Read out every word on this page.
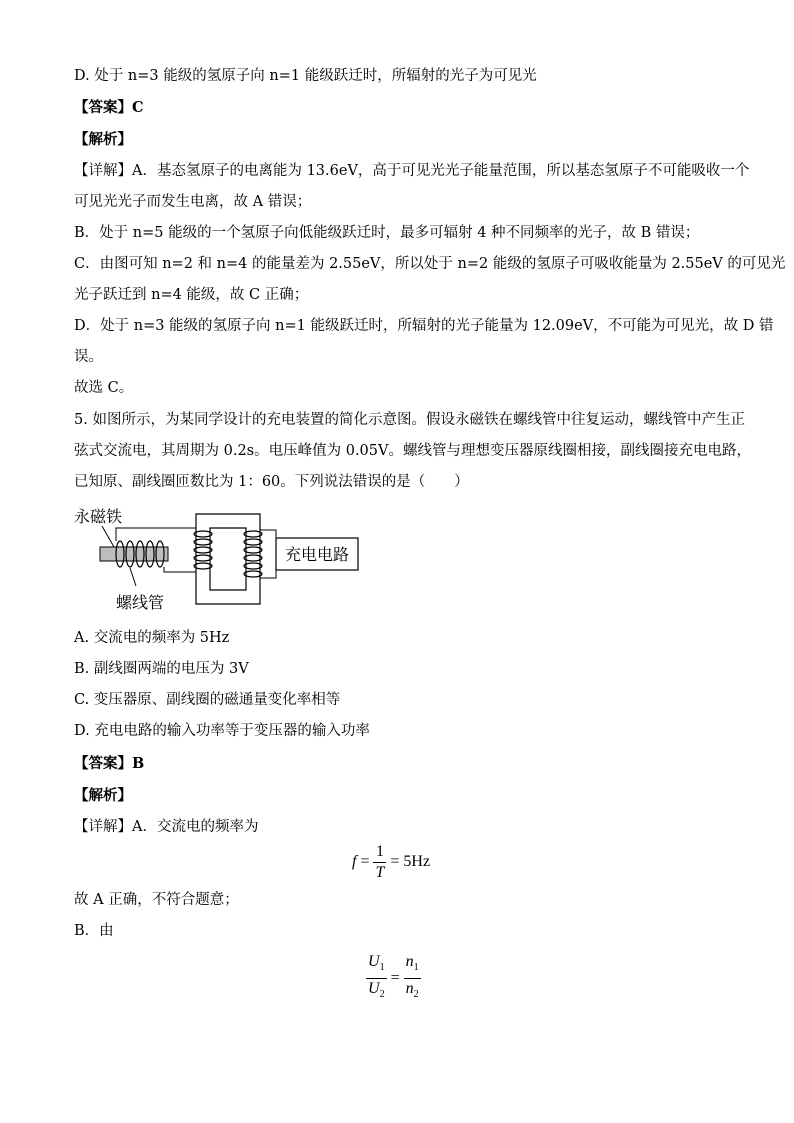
D. 处于 n=3 能级的氢原子向 n=1 能级跃迁时，所辐射的光子为可见光
【答案】C
【解析】
【详解】A．基态氢原子的电离能为 13.6eV，高于可见光光子能量范围，所以基态氢原子不可能吸收一个
可见光光子而发生电离，故 A 错误；
B．处于 n=5 能级的一个氢原子向低能级跃迁时，最多可辐射 4 种不同频率的光子，故 B 错误；
C．由图可知 n=2 和 n=4 的能量差为 2.55eV，所以处于 n=2 能级的氢原子可吸收能量为 2.55eV 的可见光
光子跃迁到 n=4 能级，故 C 正确；
D．处于 n=3 能级的氢原子向 n=1 能级跃迁时，所辐射的光子能量为 12.09eV，不可能为可见光，故 D 错
误。
故选 C。
5. 如图所示，为某同学设计的充电装置的简化示意图。假设永磁铁在螺线管中往复运动，螺线管中产生正
弦式交流电，其周期为 0.2s。电压峰值为 0.05V。螺线管与理想变压器原线圈相接，副线圈接充电电路，
已知原、副线圈匝数比为 1：60。下列说法错误的是（　　）
永磁铁
螺线管
充电电路
A. 交流电的频率为 5Hz
B. 副线圈两端的电压为 3V
C. 变压器原、副线圈的磁通量变化率相等
D. 充电电路的输入功率等于变压器的输入功率
【答案】B
【解析】
【详解】A．交流电的频率为
$f = \frac{1}{T} = 5Hz$
故 A 正确，不符合题意；
B．由
$\frac{U_1}{U_2} = \frac{n_1}{n_2}$
